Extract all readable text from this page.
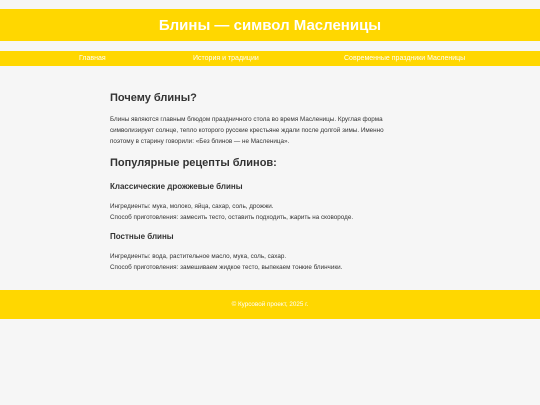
Блины — символ Масленицы
Главная	История и традиции	Современные праздники Масленицы
Почему блины?

Блины являются главным блюдом праздничного стола во время Масленицы. Круглая форма

символизирует солнце, тепло которого русские крестьяне ждали после долгой зимы. Именно

поэтому в старину говорили: «Без блинов — не Масленица».

Популярные рецепты блинов:
Классические дрожжевые блины

Ингредиенты: мука, молоко, яйца, сахар, соль, дрожжи.

Способ приготовления: замесить тесто, оставить подходить, жарить на сковороде.

Постные блины

Ингредиенты: вода, растительное масло, мука, соль, сахар.

Способ приготовления: замешиваем жидкое тесто, выпекаем тонкие блинчики.

© Курсовой проект, 2025 г.
